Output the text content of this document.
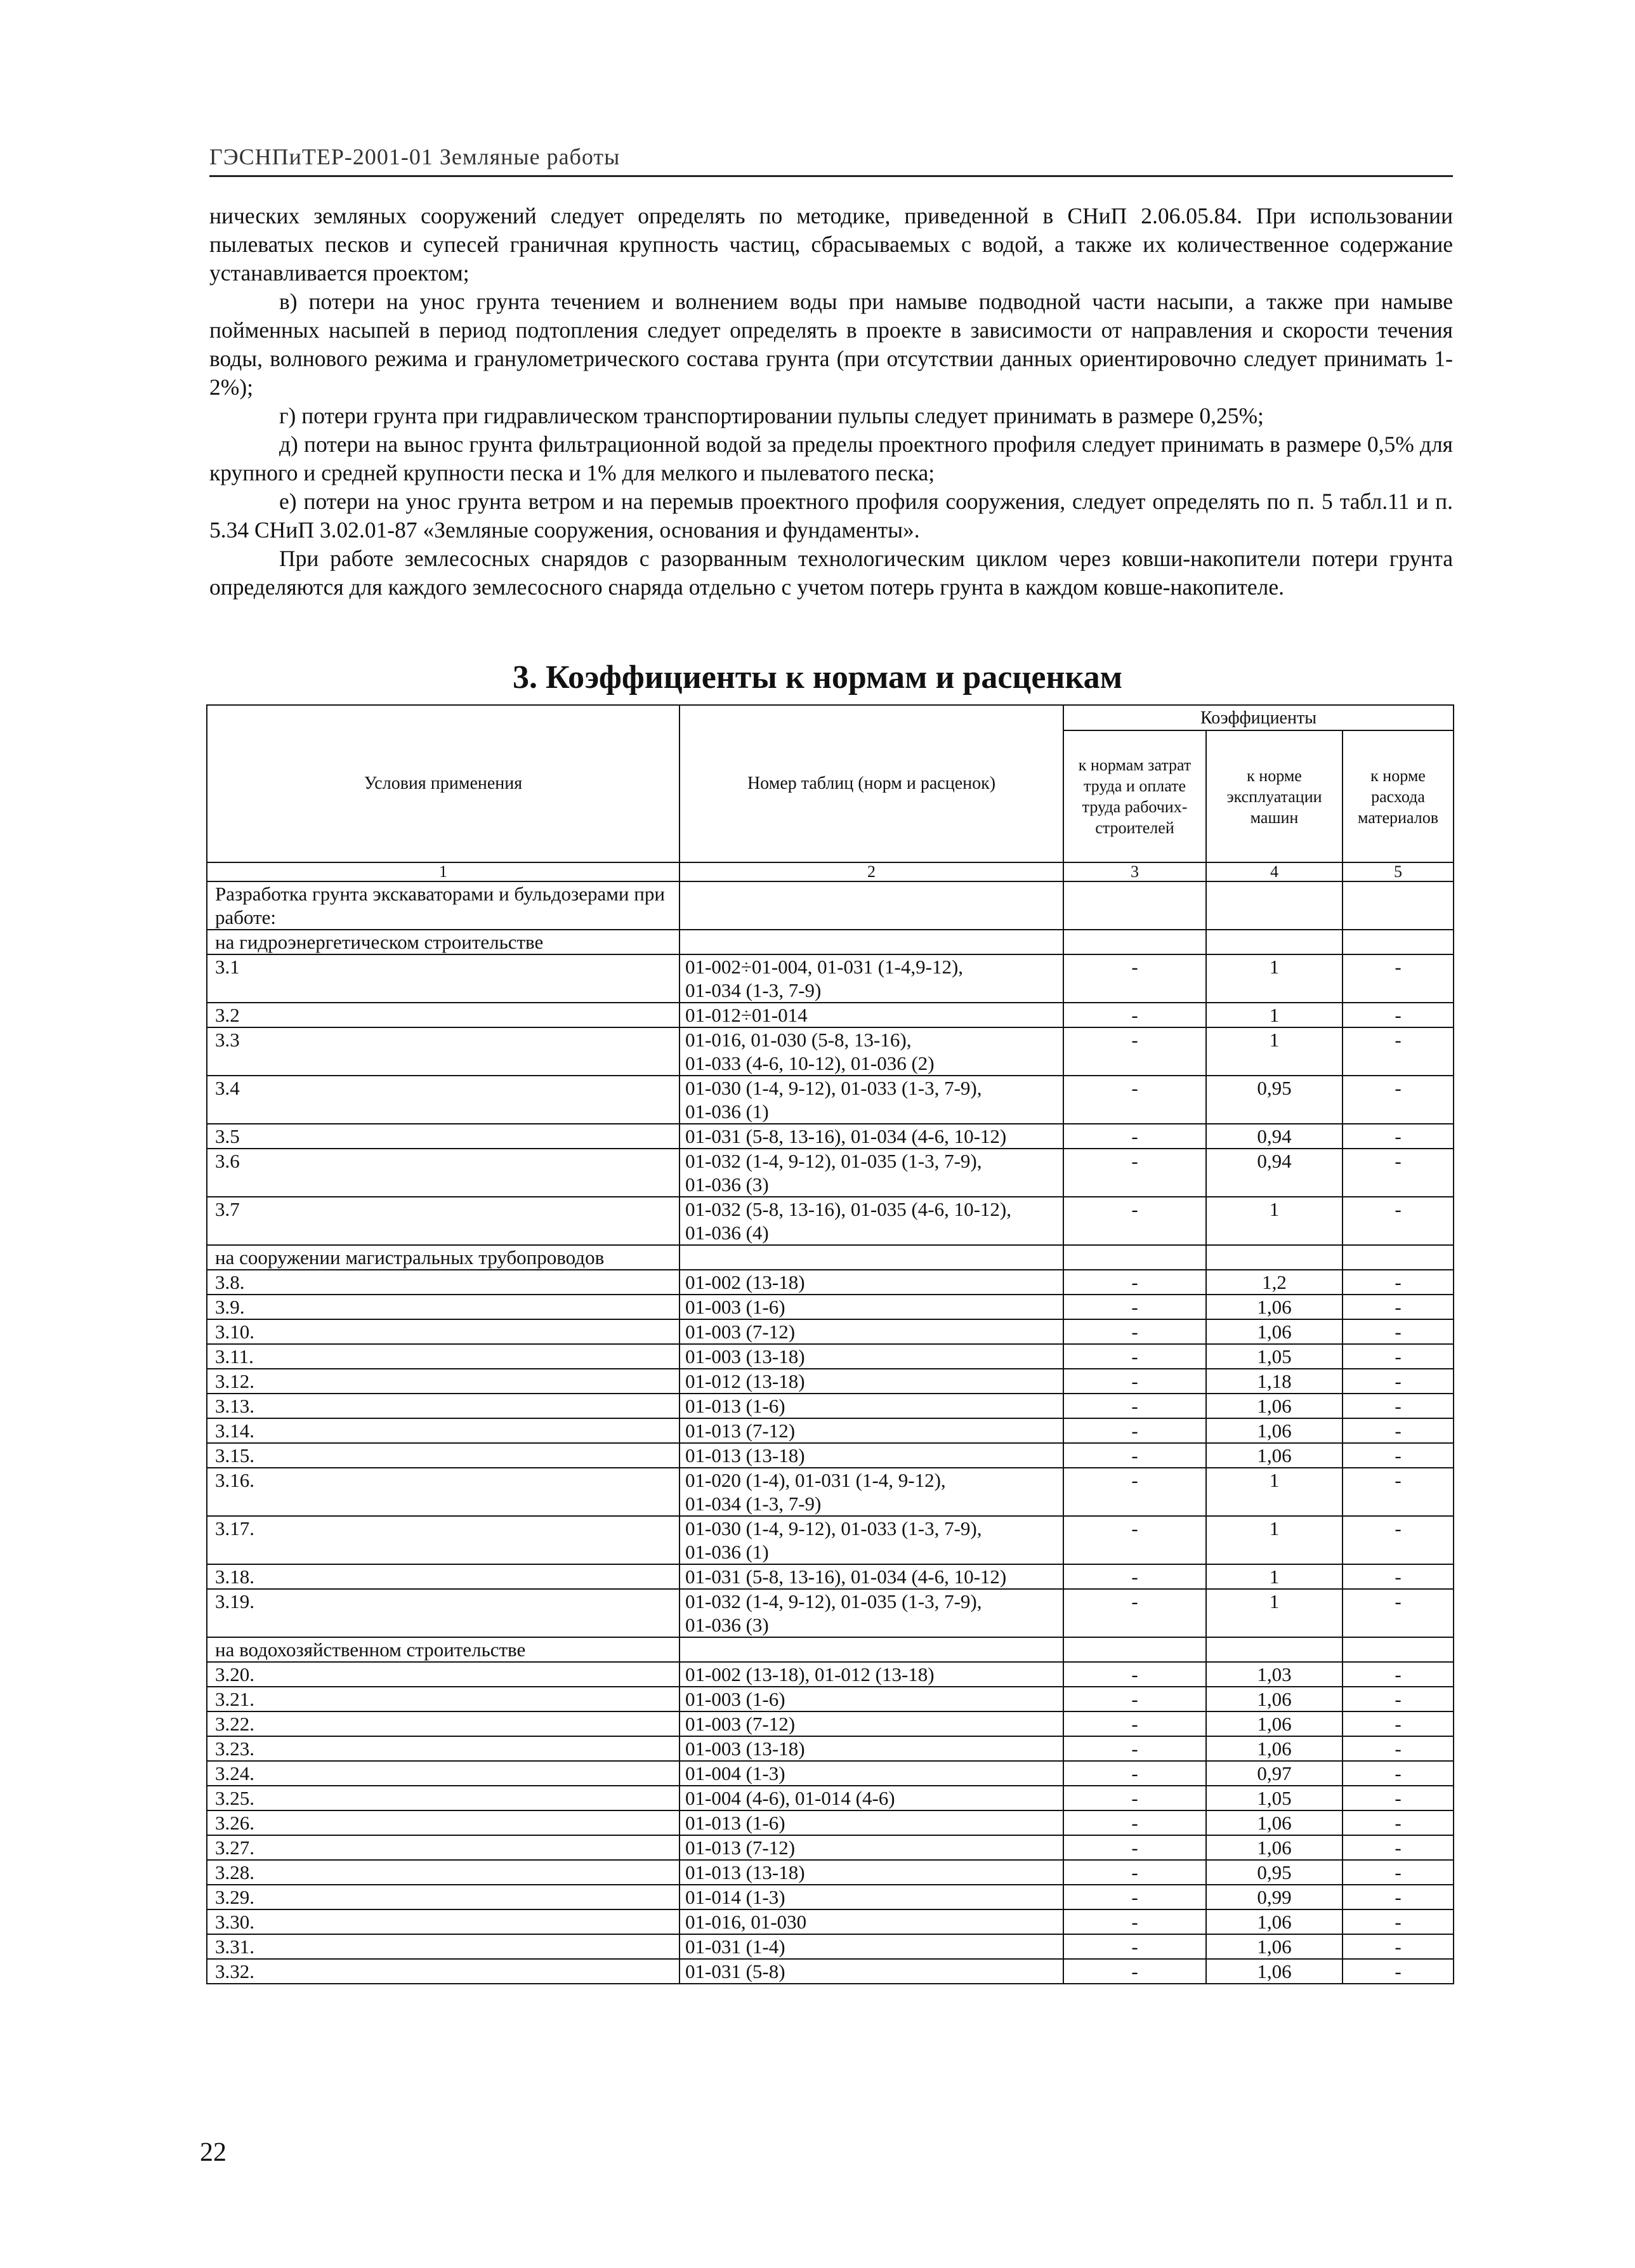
ГЭСНПиТЕР-2001-01 Земляные работы

нических земляных сооружений следует определять по методике, приведенной в СНиП 2.06.05.84. При использовании пылеватых песков и супесей граничная крупность частиц, сбрасываемых с водой, а также их количественное содержание устанавливается проектом;

в) потери на унос грунта течением и волнением воды при намыве подводной части насыпи, а также при намыве пойменных насыпей в период подтопления следует определять в проекте в зависимости от направления и скорости течения воды, волнового режима и гранулометрического состава грунта (при отсутствии данных ориентировочно следует принимать 1-2%);

г) потери грунта при гидравлическом транспортировании пульпы следует принимать в размере 0,25%;

д) потери на вынос грунта фильтрационной водой за пределы проектного профиля следует принимать в размере 0,5% для крупного и средней крупности песка и 1% для мелкого и пылеватого песка;

е) потери на унос грунта ветром и на перемыв проектного профиля сооружения, следует определять по п. 5 табл.11 и п. 5.34 СНиП 3.02.01-87 «Земляные сооружения, основания и фундаменты».

При работе землесосных снарядов с разорванным технологическим циклом через ковши-накопители потери грунта определяются для каждого землесосного снаряда отдельно с учетом потерь грунта в каждом ковше-накопителе.

3. Коэффициенты к нормам и расценкам
Условия применения	Номер таблиц (норм и расценок)	Коэффициенты		
		к нормам затрат труда и оплате труда рабочих-строителей	к норме эксплуатации машин	к норме расхода материалов
1	2	3	4	5
Разработка грунта экскаваторами и бульдозерами при работе:				
на гидроэнергетическом строительстве				
3.1	01-002÷01-004, 01-031 (1-4,9-12),
01-034 (1-3, 7-9)	-	1	-
3.2	01-012÷01-014	-	1	-
3.3	01-016, 01-030 (5-8, 13-16),
01-033 (4-6, 10-12), 01-036 (2)	-	1	-
3.4	01-030 (1-4, 9-12), 01-033 (1-3, 7-9),
01-036 (1)	-	0,95	-
3.5	01-031 (5-8, 13-16), 01-034 (4-6, 10-12)	-	0,94	-
3.6	01-032 (1-4, 9-12), 01-035 (1-3, 7-9),
01-036 (3)	-	0,94	-
3.7	01-032 (5-8, 13-16), 01-035 (4-6, 10-12),
01-036 (4)	-	1	-
на сооружении магистральных трубопроводов				
3.8.	01-002 (13-18)	-	1,2	-
3.9.	01-003 (1-6)	-	1,06	-
3.10.	01-003 (7-12)	-	1,06	-
3.11.	01-003 (13-18)	-	1,05	-
3.12.	01-012 (13-18)	-	1,18	-
3.13.	01-013 (1-6)	-	1,06	-
3.14.	01-013 (7-12)	-	1,06	-
3.15.	01-013 (13-18)	-	1,06	-
3.16.	01-020 (1-4), 01-031 (1-4, 9-12),
01-034 (1-3, 7-9)	-	1	-
3.17.	01-030 (1-4, 9-12), 01-033 (1-3, 7-9),
01-036 (1)	-	1	-
3.18.	01-031 (5-8, 13-16), 01-034 (4-6, 10-12)	-	1	-
3.19.	01-032 (1-4, 9-12), 01-035 (1-3, 7-9),
01-036 (3)	-	1	-
на водохозяйственном строительстве				
3.20.	01-002 (13-18), 01-012 (13-18)	-	1,03	-
3.21.	01-003 (1-6)	-	1,06	-
3.22.	01-003 (7-12)	-	1,06	-
3.23.	01-003 (13-18)	-	1,06	-
3.24.	01-004 (1-3)	-	0,97	-
3.25.	01-004 (4-6), 01-014 (4-6)	-	1,05	-
3.26.	01-013 (1-6)	-	1,06	-
3.27.	01-013 (7-12)	-	1,06	-
3.28.	01-013 (13-18)	-	0,95	-
3.29.	01-014 (1-3)	-	0,99	-
3.30.	01-016, 01-030	-	1,06	-
3.31.	01-031 (1-4)	-	1,06	-
3.32.	01-031 (5-8)	-	1,06	-
22
